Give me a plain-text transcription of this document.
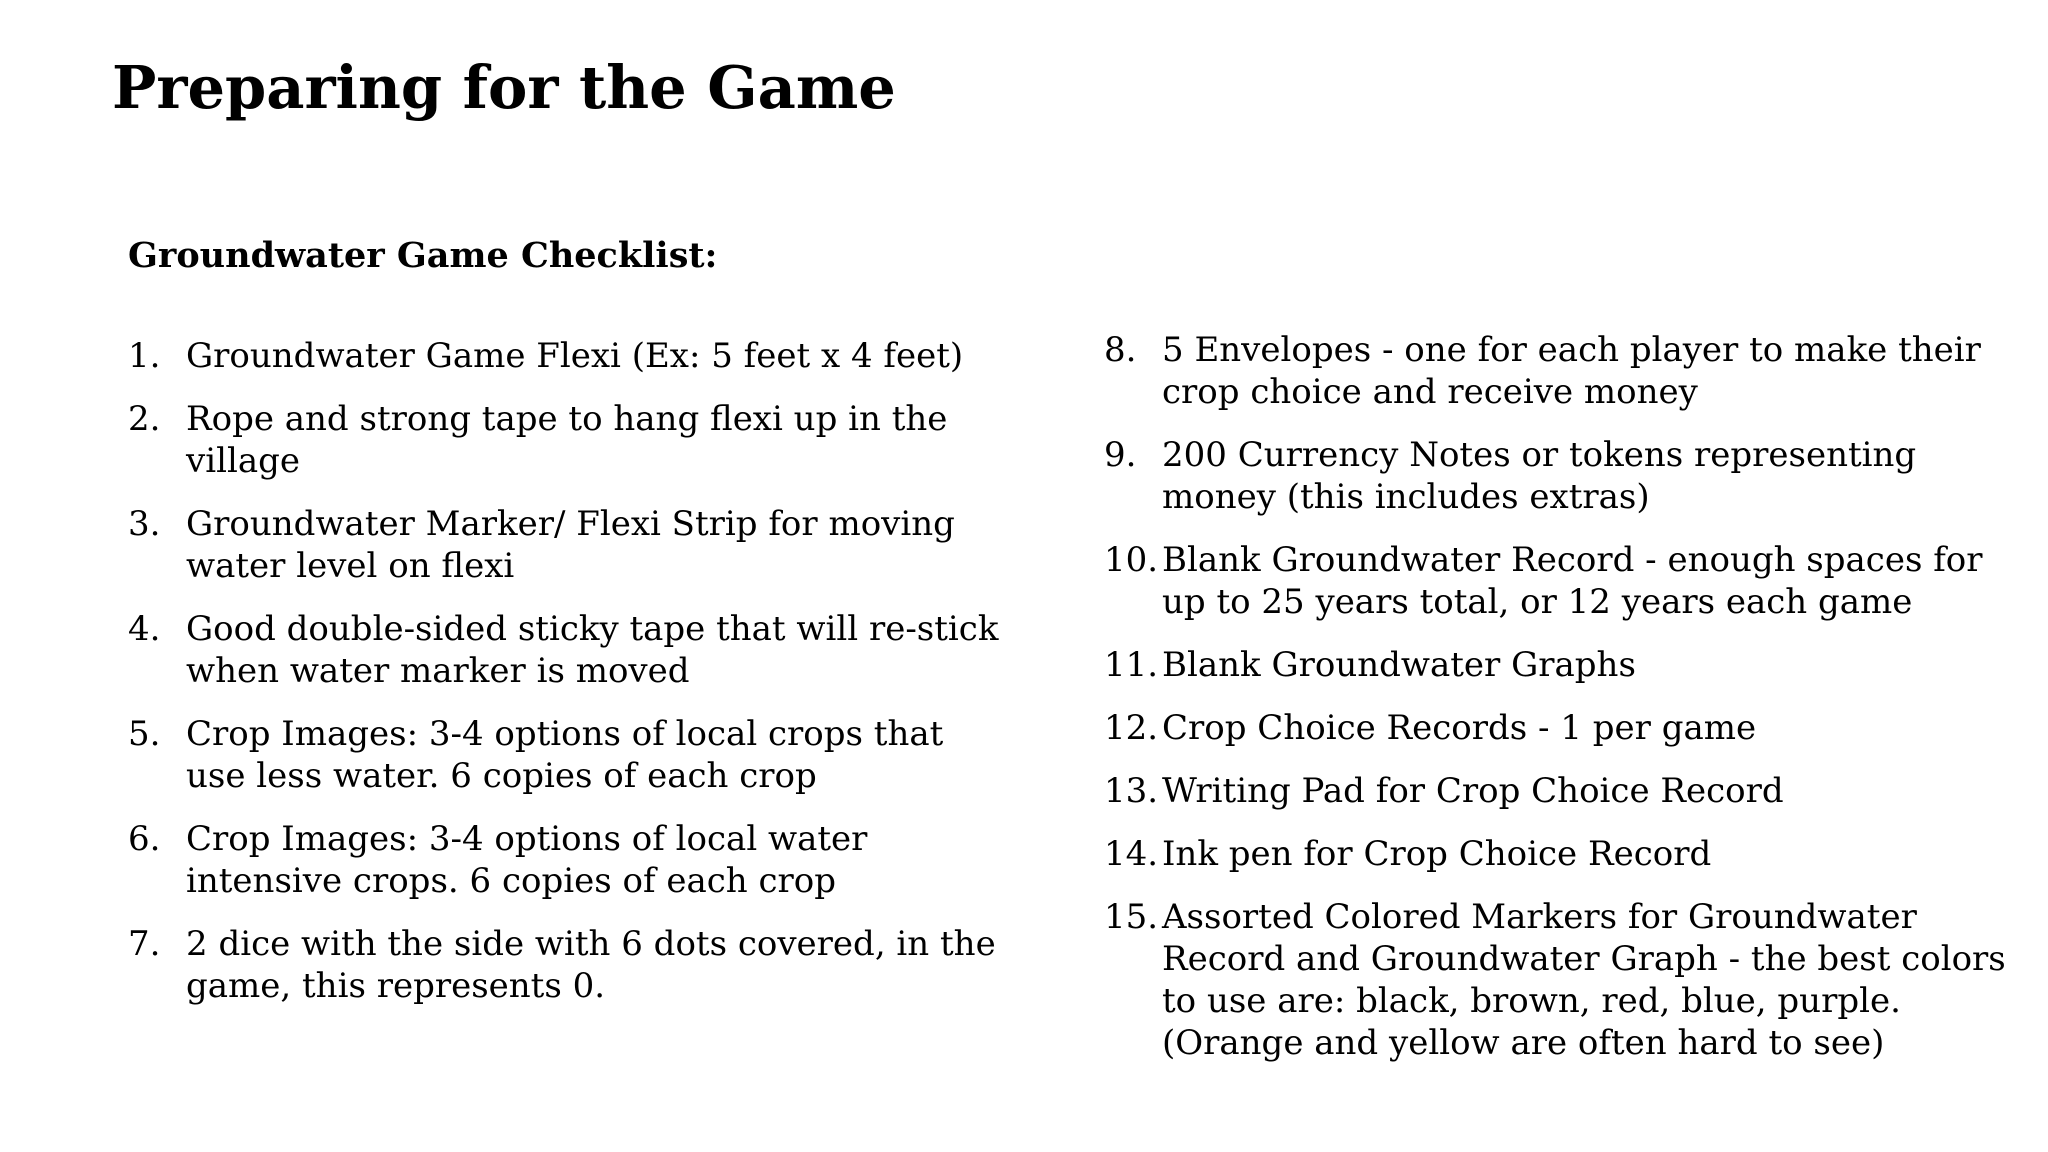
Preparing for the Game
Groundwater Game Checklist:
1. Groundwater Game Flexi (Ex: 5 feet x 4 feet)
2. Rope and strong tape to hang flexi up in the village
3. Groundwater Marker/ Flexi Strip for moving water level on flexi
4. Good double-sided sticky tape that will re-stick when water marker is moved
5. Crop Images: 3-4 options of local crops that use less water. 6 copies of each crop
6. Crop Images: 3-4 options of local water intensive crops. 6 copies of each crop
7. 2 dice with the side with 6 dots covered, in the game, this represents 0.
8. 5 Envelopes - one for each player to make their crop choice and receive money
9. 200 Currency Notes or tokens representing money (this includes extras)
10. Blank Groundwater Record - enough spaces for up to 25 years total, or 12 years each game
11. Blank Groundwater Graphs
12. Crop Choice Records - 1 per game
13. Writing Pad for Crop Choice Record
14. Ink pen for Crop Choice Record
15. Assorted Colored Markers for Groundwater Record and Groundwater Graph - the best colors to use are: black, brown, red, blue, purple. (Orange and yellow are often hard to see)
